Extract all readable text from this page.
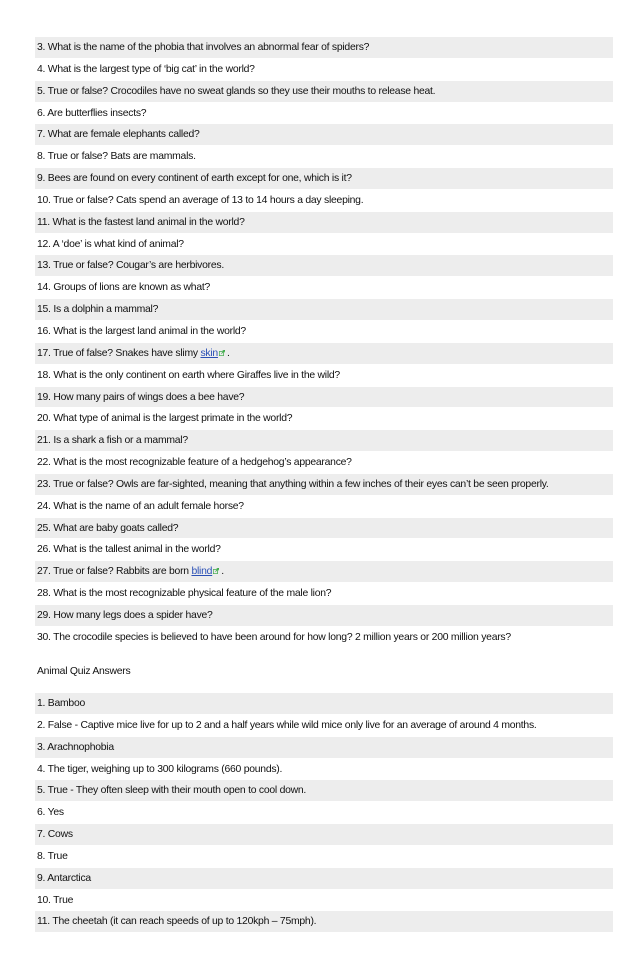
3. What is the name of the phobia that involves an abnormal fear of spiders?
4. What is the largest type of ‘big cat’ in the world?
5. True or false? Crocodiles have no sweat glands so they use their mouths to release heat.
6. Are butterflies insects?
7. What are female elephants called?
8. True or false? Bats are mammals.
9. Bees are found on every continent of earth except for one, which is it?
10. True or false? Cats spend an average of 13 to 14 hours a day sleeping.
11. What is the fastest land animal in the world?
12. A ‘doe’ is what kind of animal?
13. True or false? Cougar’s are herbivores.
14. Groups of lions are known as what?
15. Is a dolphin a mammal?
16. What is the largest land animal in the world?
17. True of false? Snakes have slimy skin .
18. What is the only continent on earth where Giraffes live in the wild?
19. How many pairs of wings does a bee have?
20. What type of animal is the largest primate in the world?
21. Is a shark a fish or a mammal?
22. What is the most recognizable feature of a hedgehog’s appearance?
23. True or false? Owls are far-sighted, meaning that anything within a few inches of their eyes can’t be seen properly.
24. What is the name of an adult female horse?
25. What are baby goats called?
26. What is the tallest animal in the world?
27. True or false? Rabbits are born blind .
28. What is the most recognizable physical feature of the male lion?
29. How many legs does a spider have?
30. The crocodile species is believed to have been around for how long? 2 million years or 200 million years?
Animal Quiz Answers
1. Bamboo
2. False - Captive mice live for up to 2 and a half years while wild mice only live for an average of around 4 months.
3. Arachnophobia
4. The tiger, weighing up to 300 kilograms (660 pounds).
5. True - They often sleep with their mouth open to cool down.
6. Yes
7. Cows
8. True
9. Antarctica
10. True
11. The cheetah (it can reach speeds of up to 120kph – 75mph).
